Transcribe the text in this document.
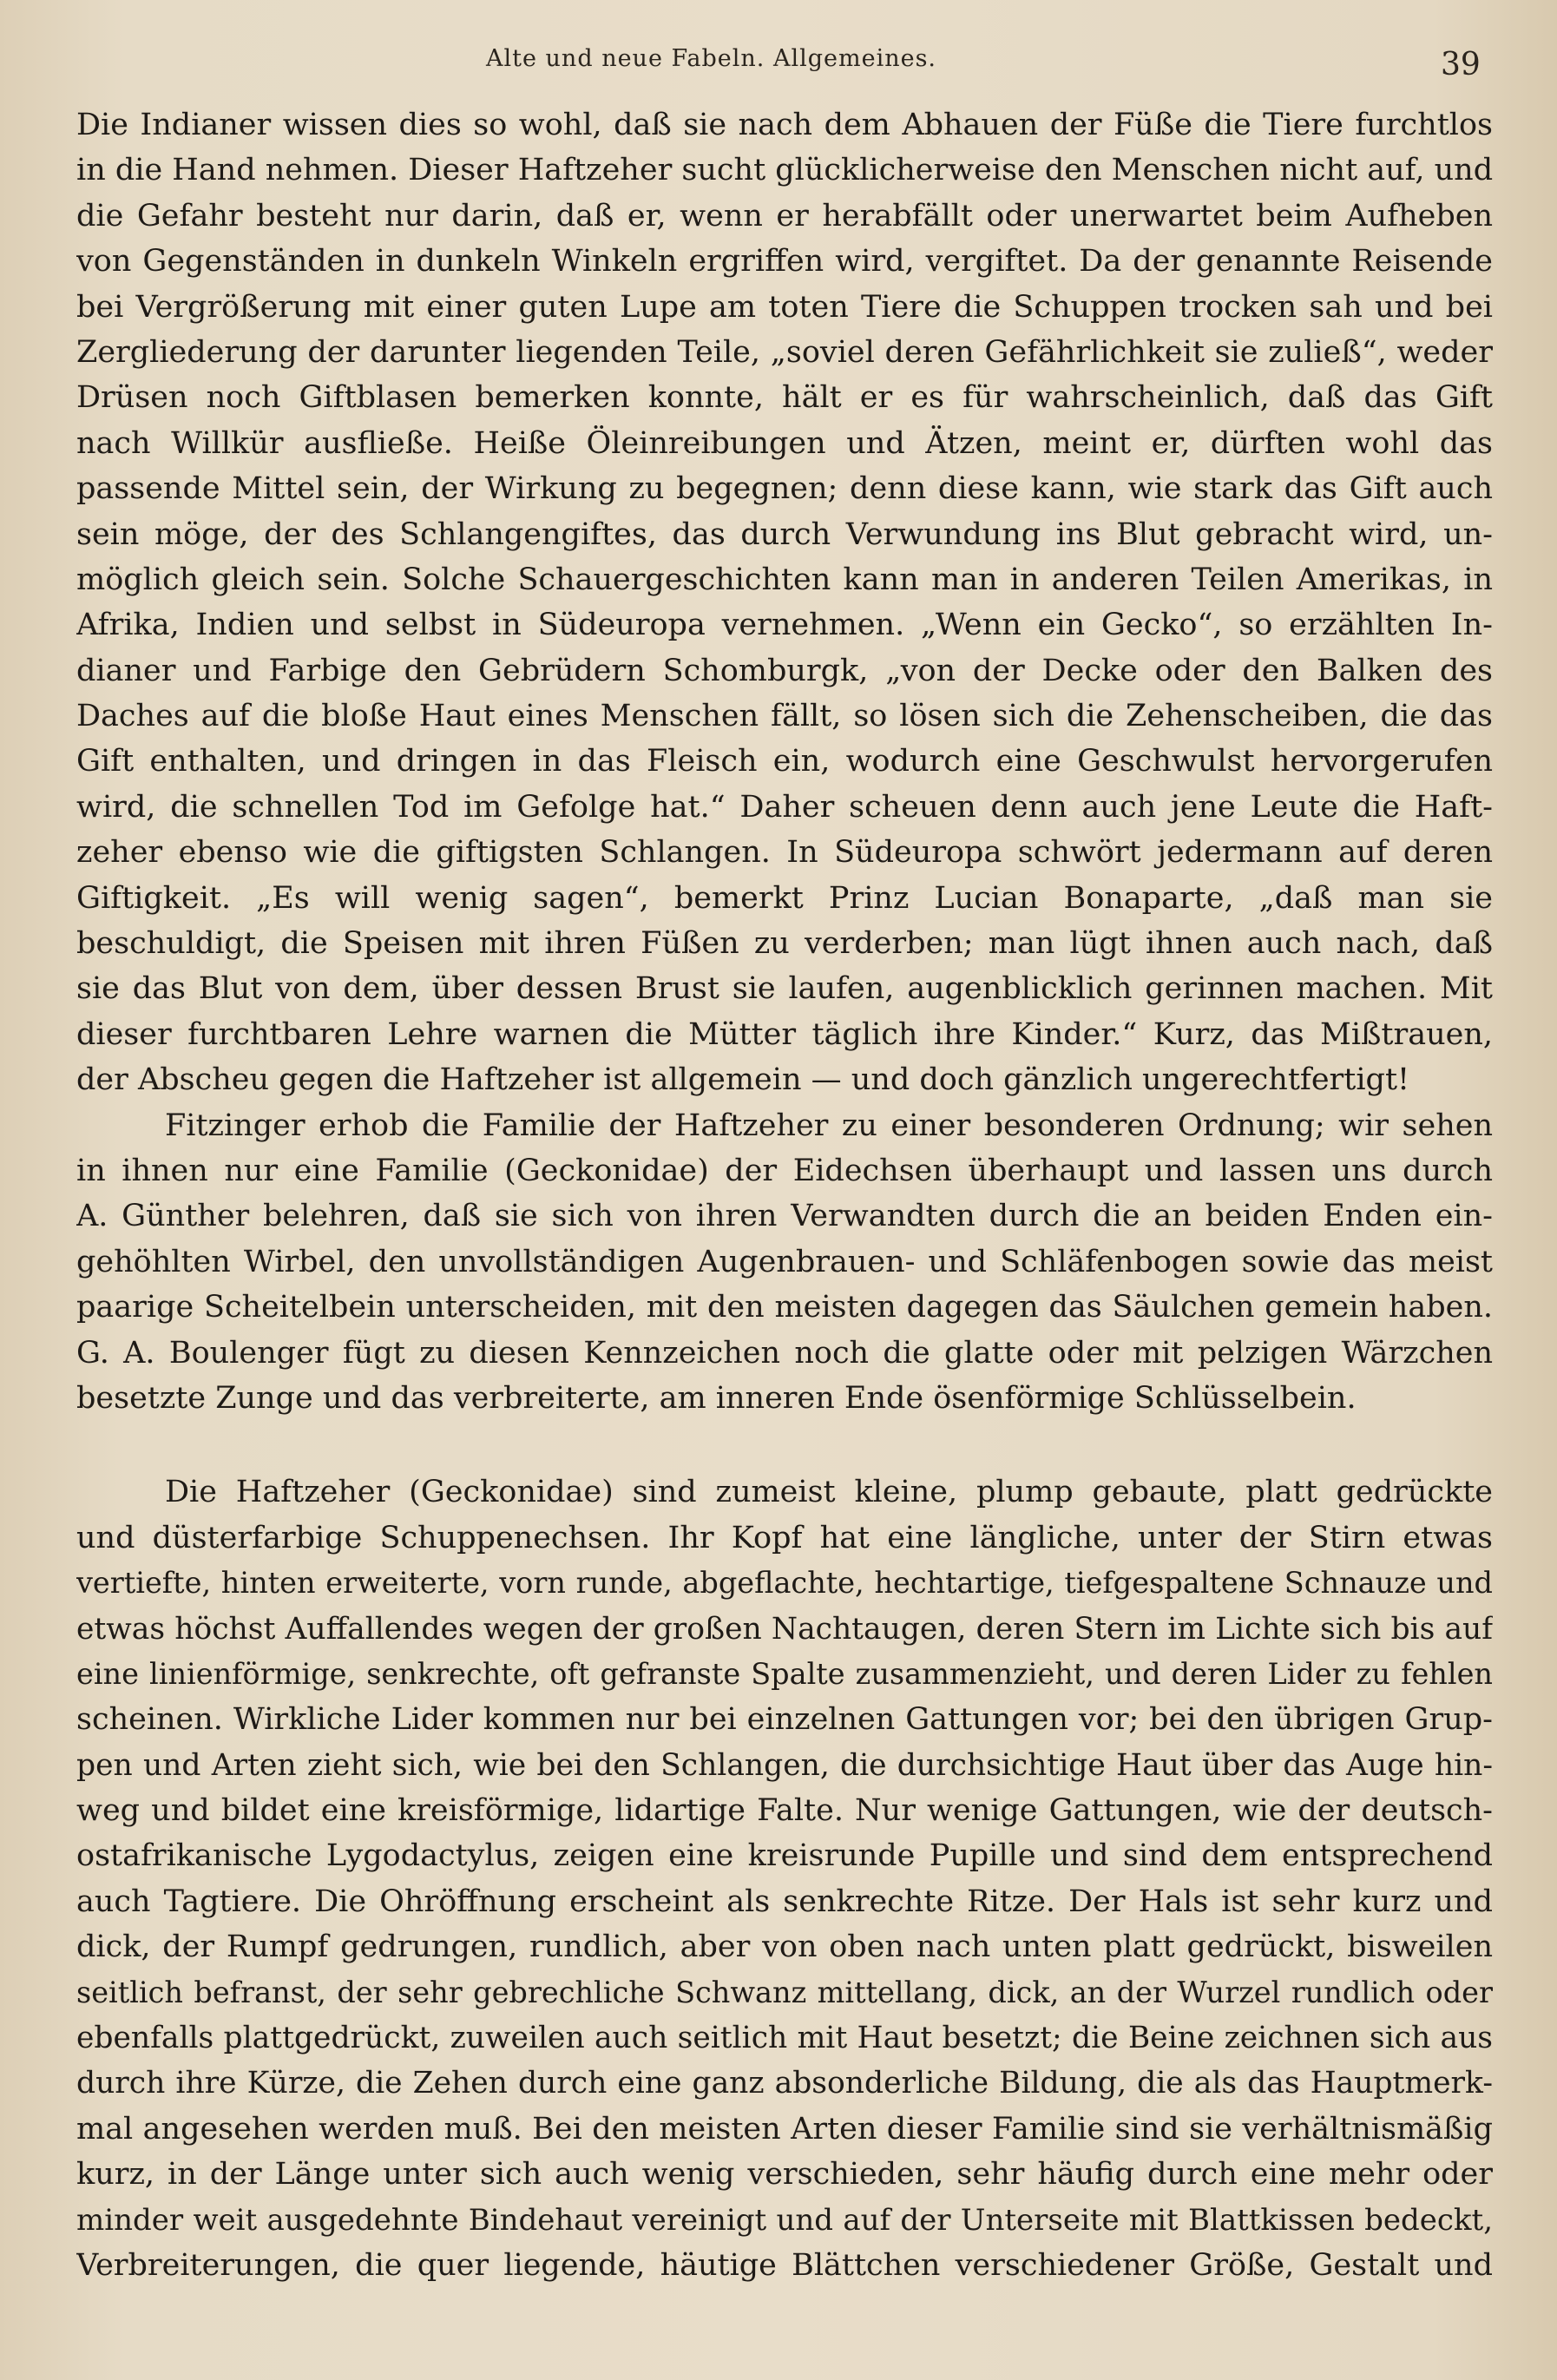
Alte und neue Fabeln. Allgemeines.	39
Die Indianer wissen dies so wohl, daß sie nach dem Abhauen der Füße die Tiere furchtlos
in die Hand nehmen. Dieser Haftzeher sucht glücklicherweise den Menschen nicht auf, und
die Gefahr besteht nur darin, daß er, wenn er herabfällt oder unerwartet beim Aufheben
von Gegenständen in dunkeln Winkeln ergriffen wird, vergiftet. Da der genannte Reisende
bei Vergrößerung mit einer guten Lupe am toten Tiere die Schuppen trocken sah und bei
Zergliederung der darunter liegenden Teile, „soviel deren Gefährlichkeit sie zuließ“, weder
Drüsen noch Giftblasen bemerken konnte, hält er es für wahrscheinlich, daß das Gift
nach Willkür ausfließe. Heiße Öleinreibungen und Ätzen, meint er, dürften wohl das
passende Mittel sein, der Wirkung zu begegnen; denn diese kann, wie stark das Gift auch
sein möge, der des Schlangengiftes, das durch Verwundung ins Blut gebracht wird, un-
möglich gleich sein. Solche Schauergeschichten kann man in anderen Teilen Amerikas, in
Afrika, Indien und selbst in Südeuropa vernehmen. „Wenn ein Gecko“, so erzählten In-
dianer und Farbige den Gebrüdern Schomburgk, „von der Decke oder den Balken des
Daches auf die bloße Haut eines Menschen fällt, so lösen sich die Zehenscheiben, die das
Gift enthalten, und dringen in das Fleisch ein, wodurch eine Geschwulst hervorgerufen
wird, die schnellen Tod im Gefolge hat.“ Daher scheuen denn auch jene Leute die Haft-
zeher ebenso wie die giftigsten Schlangen. In Südeuropa schwört jedermann auf deren
Giftigkeit. „Es will wenig sagen“, bemerkt Prinz Lucian Bonaparte, „daß man sie
beschuldigt, die Speisen mit ihren Füßen zu verderben; man lügt ihnen auch nach, daß
sie das Blut von dem, über dessen Brust sie laufen, augenblicklich gerinnen machen. Mit
dieser furchtbaren Lehre warnen die Mütter täglich ihre Kinder.“ Kurz, das Mißtrauen,
der Abscheu gegen die Haftzeher ist allgemein — und doch gänzlich ungerechtfertigt!
Fitzinger erhob die Familie der Haftzeher zu einer besonderen Ordnung; wir sehen
in ihnen nur eine Familie (Geckonidae) der Eidechsen überhaupt und lassen uns durch
A. Günther belehren, daß sie sich von ihren Verwandten durch die an beiden Enden ein-
gehöhlten Wirbel, den unvollständigen Augenbrauen- und Schläfenbogen sowie das meist
paarige Scheitelbein unterscheiden, mit den meisten dagegen das Säulchen gemein haben.
G. A. Boulenger fügt zu diesen Kennzeichen noch die glatte oder mit pelzigen Wärzchen
besetzte Zunge und das verbreiterte, am inneren Ende ösenförmige Schlüsselbein.
Die Haftzeher (Geckonidae) sind zumeist kleine, plump gebaute, platt gedrückte
und düsterfarbige Schuppenechsen. Ihr Kopf hat eine längliche, unter der Stirn etwas
vertiefte, hinten erweiterte, vorn runde, abgeflachte, hechtartige, tiefgespaltene Schnauze und
etwas höchst Auffallendes wegen der großen Nachtaugen, deren Stern im Lichte sich bis auf
eine linienförmige, senkrechte, oft gefranste Spalte zusammenzieht, und deren Lider zu fehlen
scheinen. Wirkliche Lider kommen nur bei einzelnen Gattungen vor; bei den übrigen Grup-
pen und Arten zieht sich, wie bei den Schlangen, die durchsichtige Haut über das Auge hin-
weg und bildet eine kreisförmige, lidartige Falte. Nur wenige Gattungen, wie der deutsch-
ostafrikanische Lygodactylus, zeigen eine kreisrunde Pupille und sind dem entsprechend
auch Tagtiere. Die Ohröffnung erscheint als senkrechte Ritze. Der Hals ist sehr kurz und
dick, der Rumpf gedrungen, rundlich, aber von oben nach unten platt gedrückt, bisweilen
seitlich befranst, der sehr gebrechliche Schwanz mittellang, dick, an der Wurzel rundlich oder
ebenfalls plattgedrückt, zuweilen auch seitlich mit Haut besetzt; die Beine zeichnen sich aus
durch ihre Kürze, die Zehen durch eine ganz absonderliche Bildung, die als das Hauptmerk-
mal angesehen werden muß. Bei den meisten Arten dieser Familie sind sie verhältnismäßig
kurz, in der Länge unter sich auch wenig verschieden, sehr häufig durch eine mehr oder
minder weit ausgedehnte Bindehaut vereinigt und auf der Unterseite mit Blattkissen bedeckt,
Verbreiterungen, die quer liegende, häutige Blättchen verschiedener Größe, Gestalt und
